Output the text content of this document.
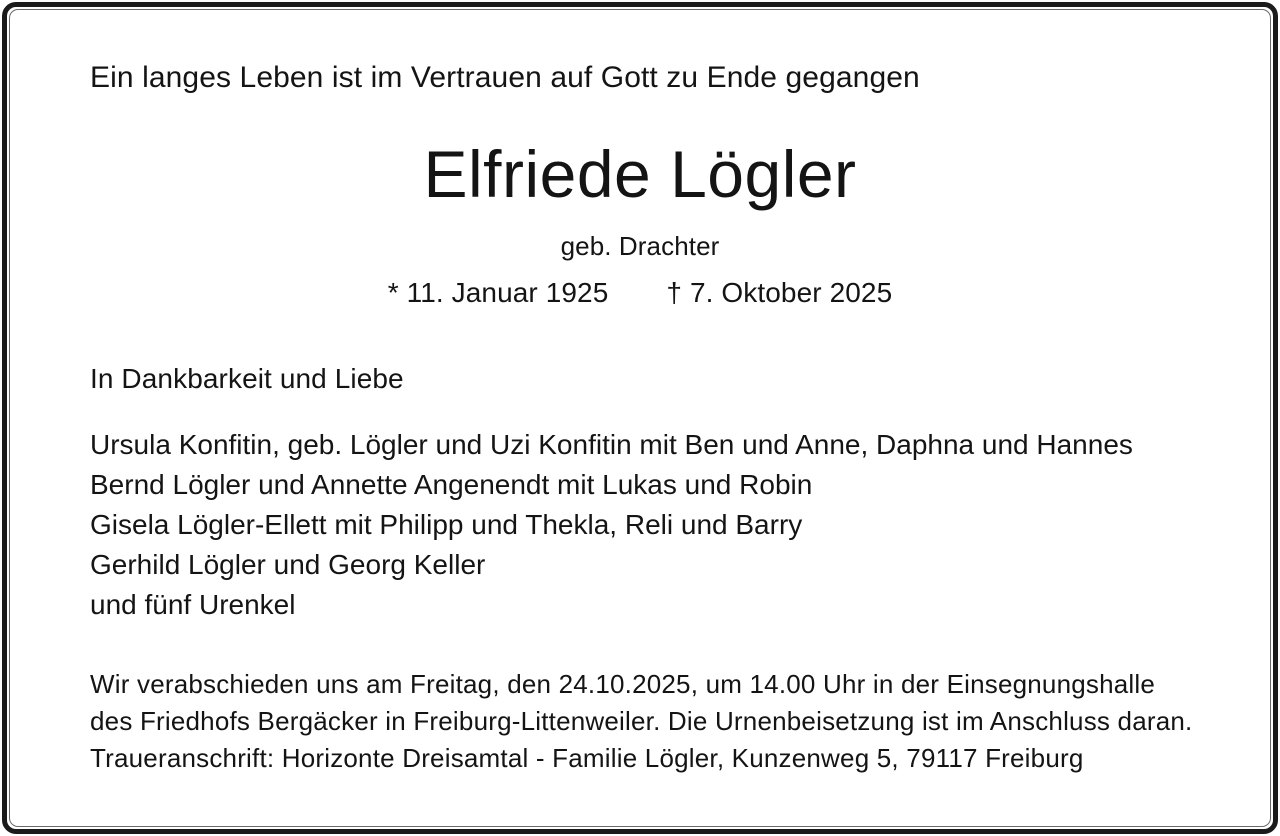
Ein langes Leben ist im Vertrauen auf Gott zu Ende gegangen
Elfriede Lögler
geb. Drachter
* 11. Januar 1925 † 7. Oktober 2025
In Dankbarkeit und Liebe
Ursula Konfitin, geb. Lögler und Uzi Konfitin mit Ben und Anne, Daphna und Hannes
Bernd Lögler und Annette Angenendt mit Lukas und Robin
Gisela Lögler-Ellett mit Philipp und Thekla, Reli und Barry
Gerhild Lögler und Georg Keller
und fünf Urenkel
Wir verabschieden uns am Freitag, den 24.10.2025, um 14.00 Uhr in der Einsegnungshalle
des Friedhofs Bergäcker in Freiburg-Littenweiler. Die Urnenbeisetzung ist im Anschluss daran.
Traueranschrift: Horizonte Dreisamtal - Familie Lögler, Kunzenweg 5, 79117 Freiburg
